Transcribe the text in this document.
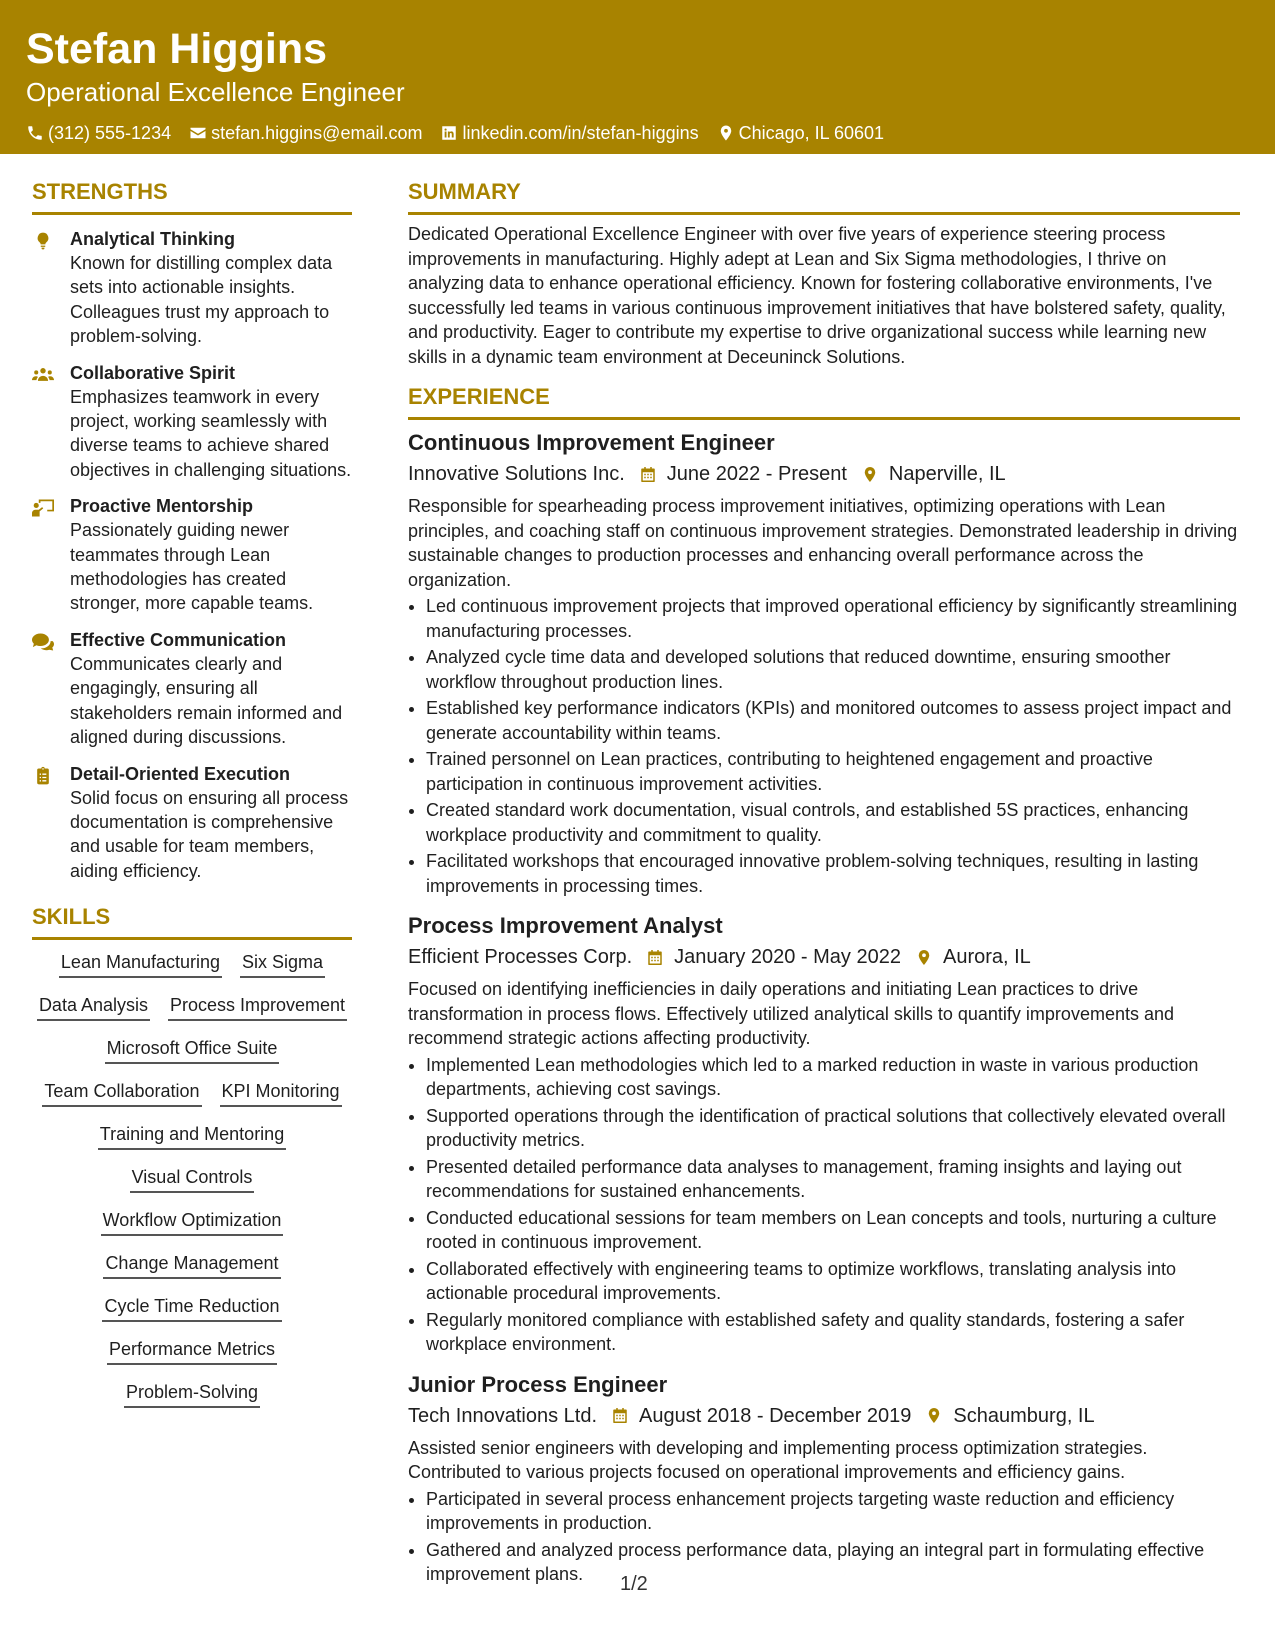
Stefan Higgins
Operational Excellence Engineer
(312) 555-1234 stefan.higgins@email.com linkedin.com/in/stefan-higgins Chicago, IL 60601
STRENGTHS
Analytical Thinking
Known for distilling complex data sets into actionable insights. Colleagues trust my approach to problem-solving.
Collaborative Spirit
Emphasizes teamwork in every project, working seamlessly with diverse teams to achieve shared objectives in challenging situations.
Proactive Mentorship
Passionately guiding newer teammates through Lean methodologies has created stronger, more capable teams.
Effective Communication
Communicates clearly and engagingly, ensuring all stakeholders remain informed and aligned during discussions.
Detail-Oriented Execution
Solid focus on ensuring all process documentation is comprehensive and usable for team members, aiding efficiency.
SKILLS
Lean Manufacturing Six Sigma
Data Analysis Process Improvement
Microsoft Office Suite
Team Collaboration KPI Monitoring
Training and Mentoring
Visual Controls
Workflow Optimization
Change Management
Cycle Time Reduction
Performance Metrics
Problem-Solving
SUMMARY

Dedicated Operational Excellence Engineer with over five years of experience steering process improvements in manufacturing. Highly adept at Lean and Six Sigma methodologies, I thrive on analyzing data to enhance operational efficiency. Known for fostering collaborative environments, I've successfully led teams in various continuous improvement initiatives that have bolstered safety, quality, and productivity. Eager to contribute my expertise to drive organizational success while learning new skills in a dynamic team environment at Deceuninck Solutions.

EXPERIENCE
Continuous Improvement Engineer
Innovative Solutions Inc. June 2022 - Present Naperville, IL

Responsible for spearheading process improvement initiatives, optimizing operations with Lean principles, and coaching staff on continuous improvement strategies. Demonstrated leadership in driving sustainable changes to production processes and enhancing overall performance across the organization.

• Led continuous improvement projects that improved operational efficiency by significantly streamlining manufacturing processes.
• Analyzed cycle time data and developed solutions that reduced downtime, ensuring smoother workflow throughout production lines.
• Established key performance indicators (KPIs) and monitored outcomes to assess project impact and generate accountability within teams.
• Trained personnel on Lean practices, contributing to heightened engagement and proactive participation in continuous improvement activities.
• Created standard work documentation, visual controls, and established 5S practices, enhancing workplace productivity and commitment to quality.
• Facilitated workshops that encouraged innovative problem-solving techniques, resulting in lasting improvements in processing times.
Process Improvement Analyst
Efficient Processes Corp. January 2020 - May 2022 Aurora, IL

Focused on identifying inefficiencies in daily operations and initiating Lean practices to drive transformation in process flows. Effectively utilized analytical skills to quantify improvements and recommend strategic actions affecting productivity.

• Implemented Lean methodologies which led to a marked reduction in waste in various production departments, achieving cost savings.
• Supported operations through the identification of practical solutions that collectively elevated overall productivity metrics.
• Presented detailed performance data analyses to management, framing insights and laying out recommendations for sustained enhancements.
• Conducted educational sessions for team members on Lean concepts and tools, nurturing a culture rooted in continuous improvement.
• Collaborated effectively with engineering teams to optimize workflows, translating analysis into actionable procedural improvements.
• Regularly monitored compliance with established safety and quality standards, fostering a safer workplace environment.
Junior Process Engineer
Tech Innovations Ltd. August 2018 - December 2019 Schaumburg, IL

Assisted senior engineers with developing and implementing process optimization strategies. Contributed to various projects focused on operational improvements and efficiency gains.

• Participated in several process enhancement projects targeting waste reduction and efficiency improvements in production.
• Gathered and analyzed process performance data, playing an integral part in formulating effective improvement plans.	1/2
